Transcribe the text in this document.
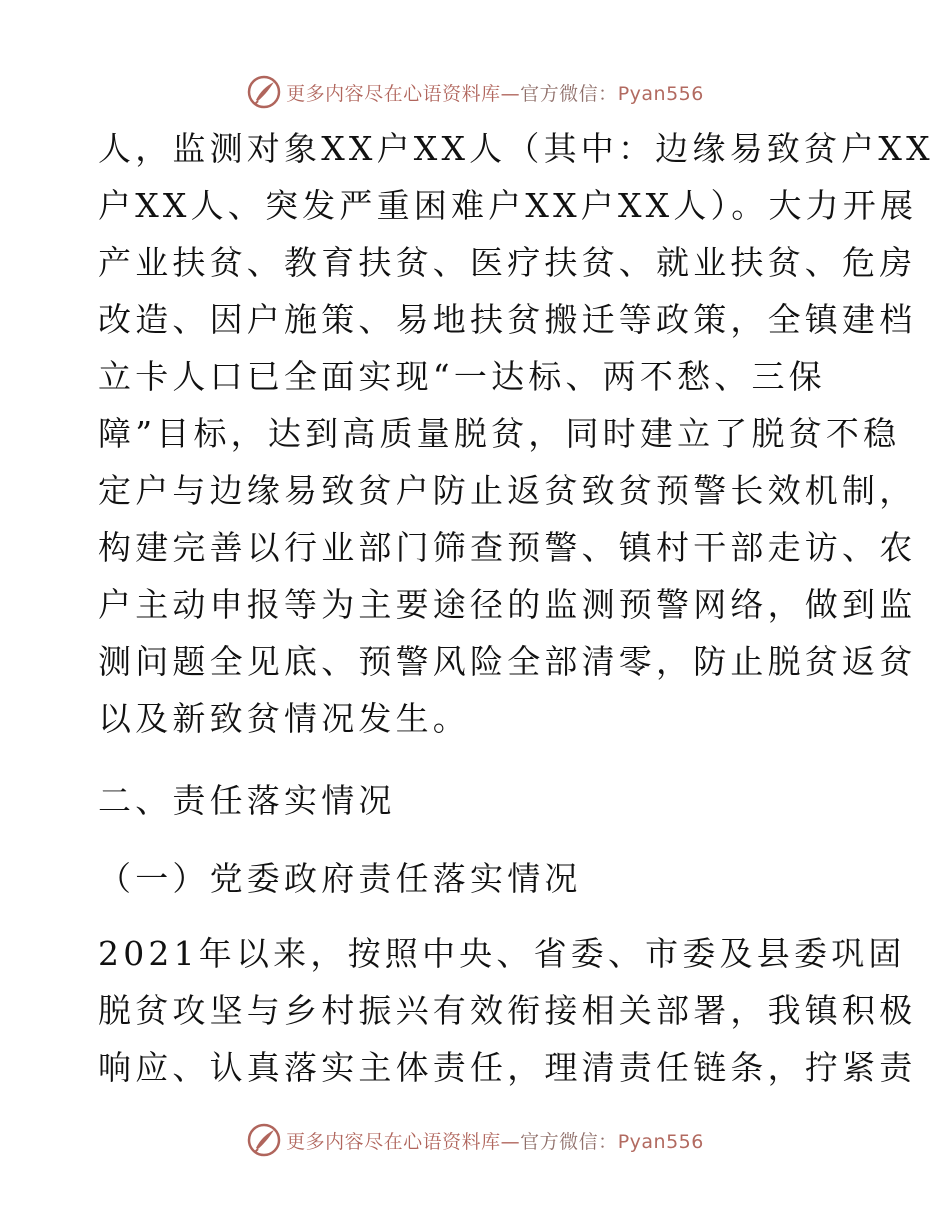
更多内容尽在心语资料库—官方微信：Pyan556
人，监测对象XX户XX人（其中：边缘易致贫户XX
户XX人、突发严重困难户XX户XX人）。大力开展
产业扶贫、教育扶贫、医疗扶贫、就业扶贫、危房
改造、因户施策、易地扶贫搬迁等政策，全镇建档
立卡人口已全面实现“一达标、两不愁、三保
障”目标，达到高质量脱贫，同时建立了脱贫不稳
定户与边缘易致贫户防止返贫致贫预警长效机制，
构建完善以行业部门筛查预警、镇村干部走访、农
户主动申报等为主要途径的监测预警网络，做到监
测问题全见底、预警风险全部清零，防止脱贫返贫
以及新致贫情况发生。
二、责任落实情况
（一）党委政府责任落实情况
2021年以来，按照中央、省委、市委及县委巩固
脱贫攻坚与乡村振兴有效衔接相关部署，我镇积极
响应、认真落实主体责任，理清责任链条，拧紧责
更多内容尽在心语资料库—官方微信：Pyan556
